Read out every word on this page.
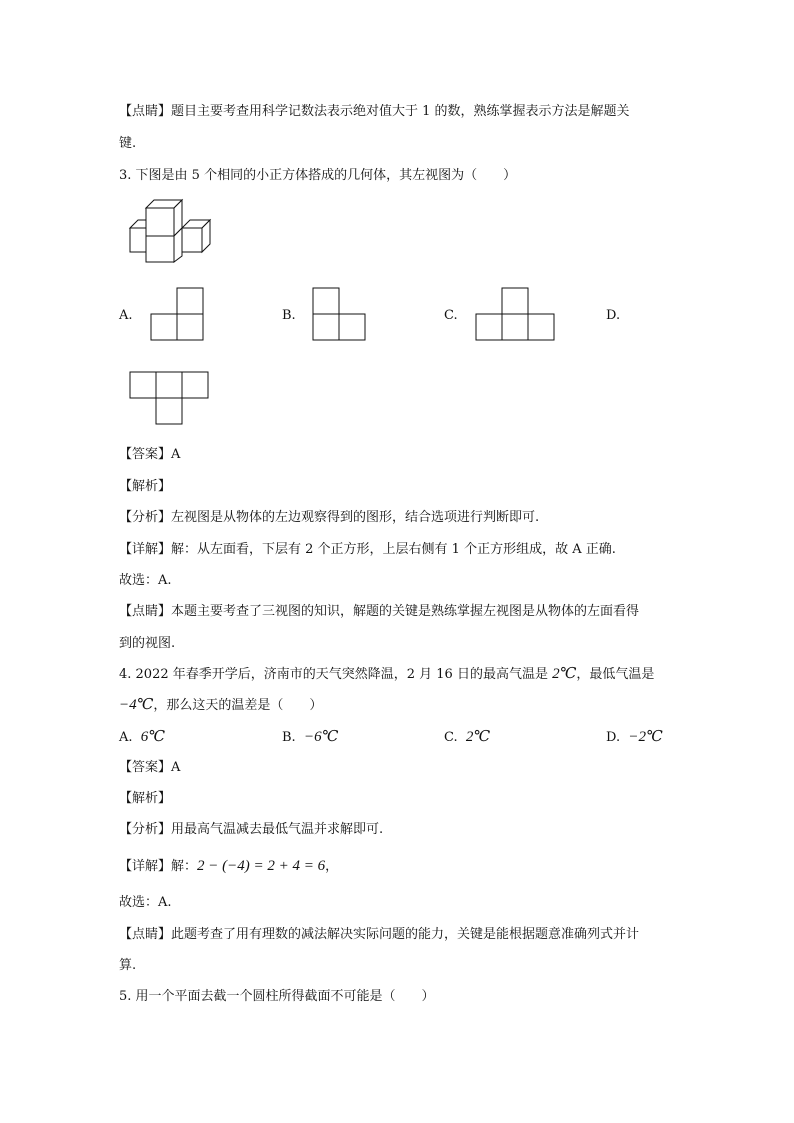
【点睛】题目主要考查用科学记数法表示绝对值大于 1 的数，熟练掌握表示方法是解题关
键.
3. 下图是由 5 个相同的小正方体搭成的几何体，其左视图为（　　）
A.	B.	C.	D.
【答案】A
【解析】
【分析】左视图是从物体的左边观察得到的图形，结合选项进行判断即可.
【详解】解：从左面看，下层有 2 个正方形，上层右侧有 1 个正方形组成，故 A 正确.
故选：A.
【点睛】本题主要考查了三视图的知识，解题的关键是熟练掌握左视图是从物体的左面看得
到的视图.
4. 2022 年春季开学后，济南市的天气突然降温，2 月 16 日的最高气温是 2℃，最低气温是
−4℃，那么这天的温差是（　　）
A. 6℃	B. −6℃	C. 2℃	D. −2℃
【答案】A
【解析】
【分析】用最高气温减去最低气温并求解即可.
【详解】解：2 − (−4) = 2 + 4 = 6，
故选：A.
【点睛】此题考查了用有理数的减法解决实际问题的能力，关键是能根据题意准确列式并计
算.
5. 用一个平面去截一个圆柱所得截面不可能是（　　）
